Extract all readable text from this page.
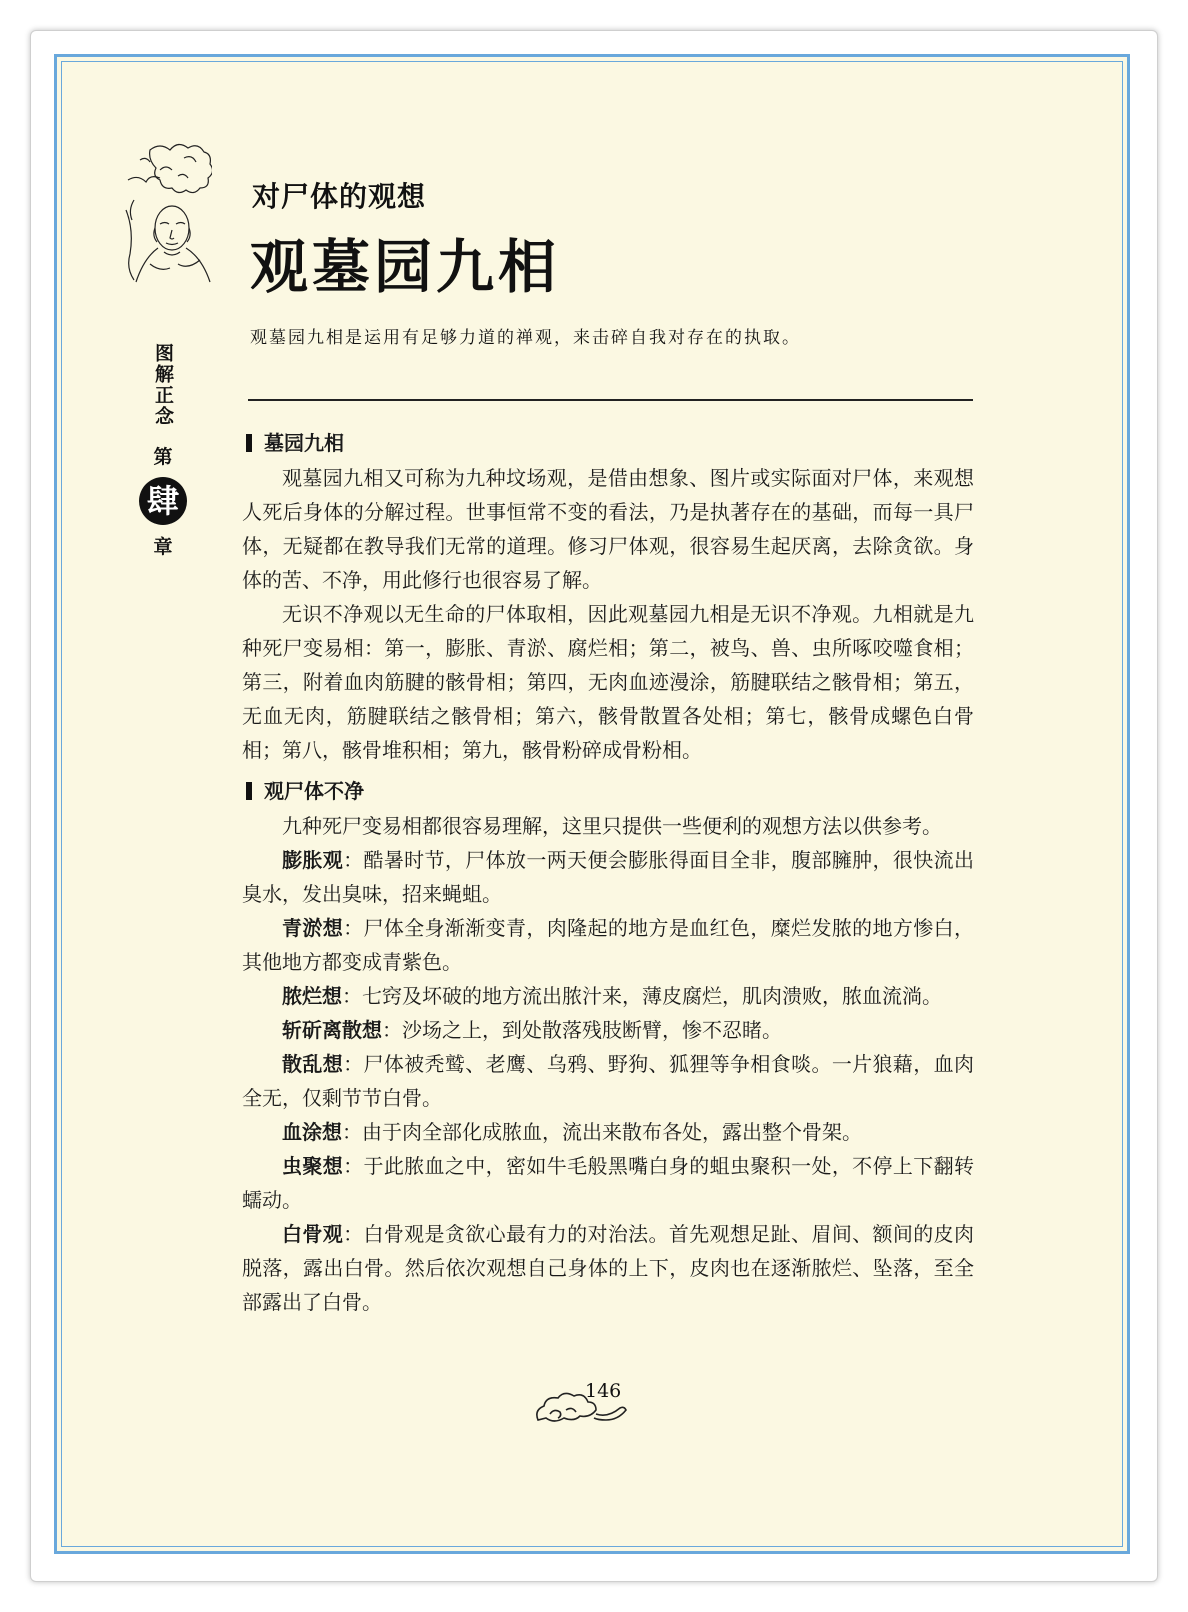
对尸体的观想
观墓园九相

观墓园九相是运用有足够力道的禅观，来击碎自我对存在的执取。

图解正念
第
肆
章
墓园九相

观墓园九相又可称为九种坟场观，是借由想象、图片或实际面对尸体，来观想人死后身体的分解过程。世事恒常不变的看法，乃是执著存在的基础，而每一具尸体，无疑都在教导我们无常的道理。修习尸体观，很容易生起厌离，去除贪欲。身体的苦、不净，用此修行也很容易了解。

无识不净观以无生命的尸体取相，因此观墓园九相是无识不净观。九相就是九种死尸变易相：第一，膨胀、青淤、腐烂相；第二，被鸟、兽、虫所啄咬噬食相；第三，附着血肉筋腱的骸骨相；第四，无肉血迹漫涂，筋腱联结之骸骨相；第五，无血无肉，筋腱联结之骸骨相；第六，骸骨散置各处相；第七，骸骨成螺色白骨相；第八，骸骨堆积相；第九，骸骨粉碎成骨粉相。

观尸体不净

九种死尸变易相都很容易理解，这里只提供一些便利的观想方法以供参考。

膨胀观：酷暑时节，尸体放一两天便会膨胀得面目全非，腹部臃肿，很快流出臭水，发出臭味，招来蝇蛆。

青淤想：尸体全身渐渐变青，肉隆起的地方是血红色，糜烂发脓的地方惨白，其他地方都变成青紫色。

脓烂想：七窍及坏破的地方流出脓汁来，薄皮腐烂，肌肉溃败，脓血流淌。

斩斫离散想：沙场之上，到处散落残肢断臂，惨不忍睹。

散乱想：尸体被秃鹫、老鹰、乌鸦、野狗、狐狸等争相食啖。一片狼藉，血肉全无，仅剩节节白骨。

血涂想：由于肉全部化成脓血，流出来散布各处，露出整个骨架。

虫聚想：于此脓血之中，密如牛毛般黑嘴白身的蛆虫聚积一处，不停上下翻转蠕动。

白骨观：白骨观是贪欲心最有力的对治法。首先观想足趾、眉间、额间的皮肉脱落，露出白骨。然后依次观想自己身体的上下，皮肉也在逐渐脓烂、坠落，至全部露出了白骨。

146
